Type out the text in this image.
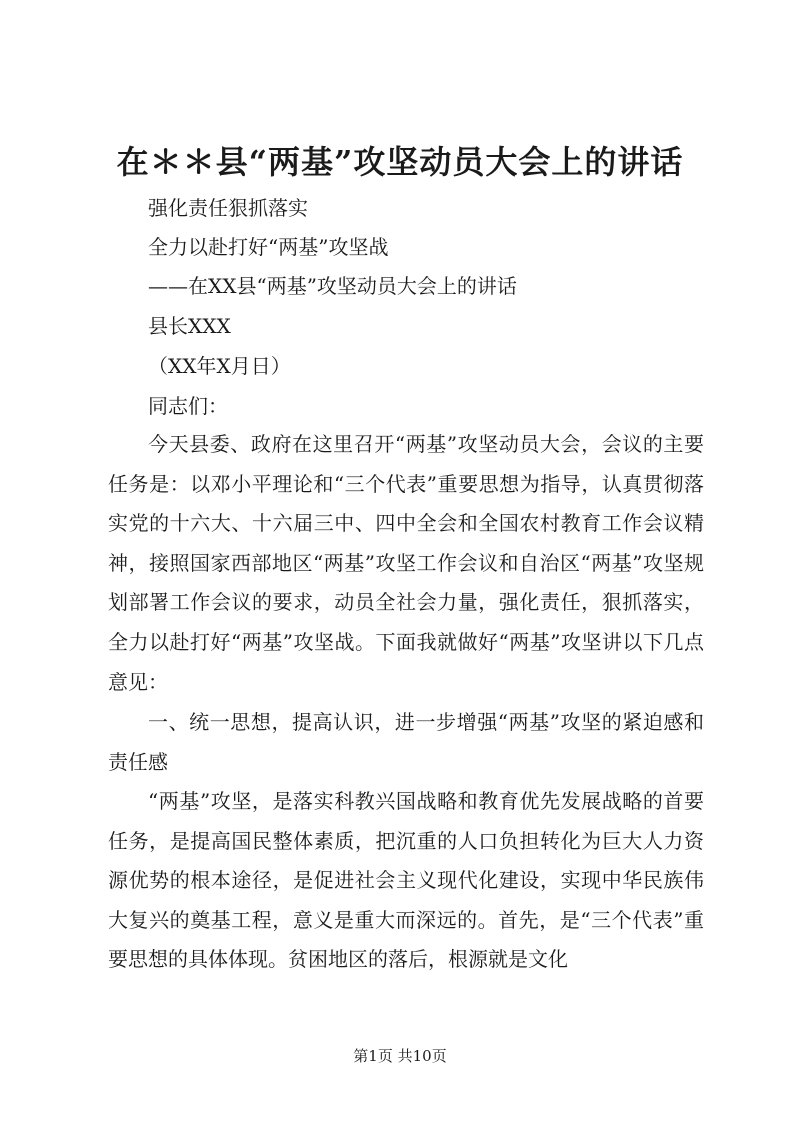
在＊＊县“两基”攻坚动员大会上的讲话
强化责任狠抓落实
全力以赴打好“两基”攻坚战
——在XX县“两基”攻坚动员大会上的讲话
县长XXX
（XX年X月日）
同志们：

今天县委、政府在这里召开“两基”攻坚动员大会，会议的主要任务是：以邓小平理论和“三个代表”重要思想为指导，认真贯彻落实党的十六大、十六届三中、四中全会和全国农村教育工作会议精神，接照国家西部地区“两基”攻坚工作会议和自治区“两基”攻坚规划部署工作会议的要求，动员全社会力量，强化责任，狠抓落实，全力以赴打好“两基”攻坚战。下面我就做好“两基”攻坚讲以下几点意见：

一、统一思想，提高认识，进一步增强“两基”攻坚的紧迫感和责任感

“两基”攻坚，是落实科教兴国战略和教育优先发展战略的首要任务，是提高国民整体素质，把沉重的人口负担转化为巨大人力资源优势的根本途径，是促进社会主义现代化建设，实现中华民族伟大复兴的奠基工程，意义是重大而深远的。首先，是“三个代表”重要思想的具体体现。贫困地区的落后，根源就是文化

第1页 共10页
